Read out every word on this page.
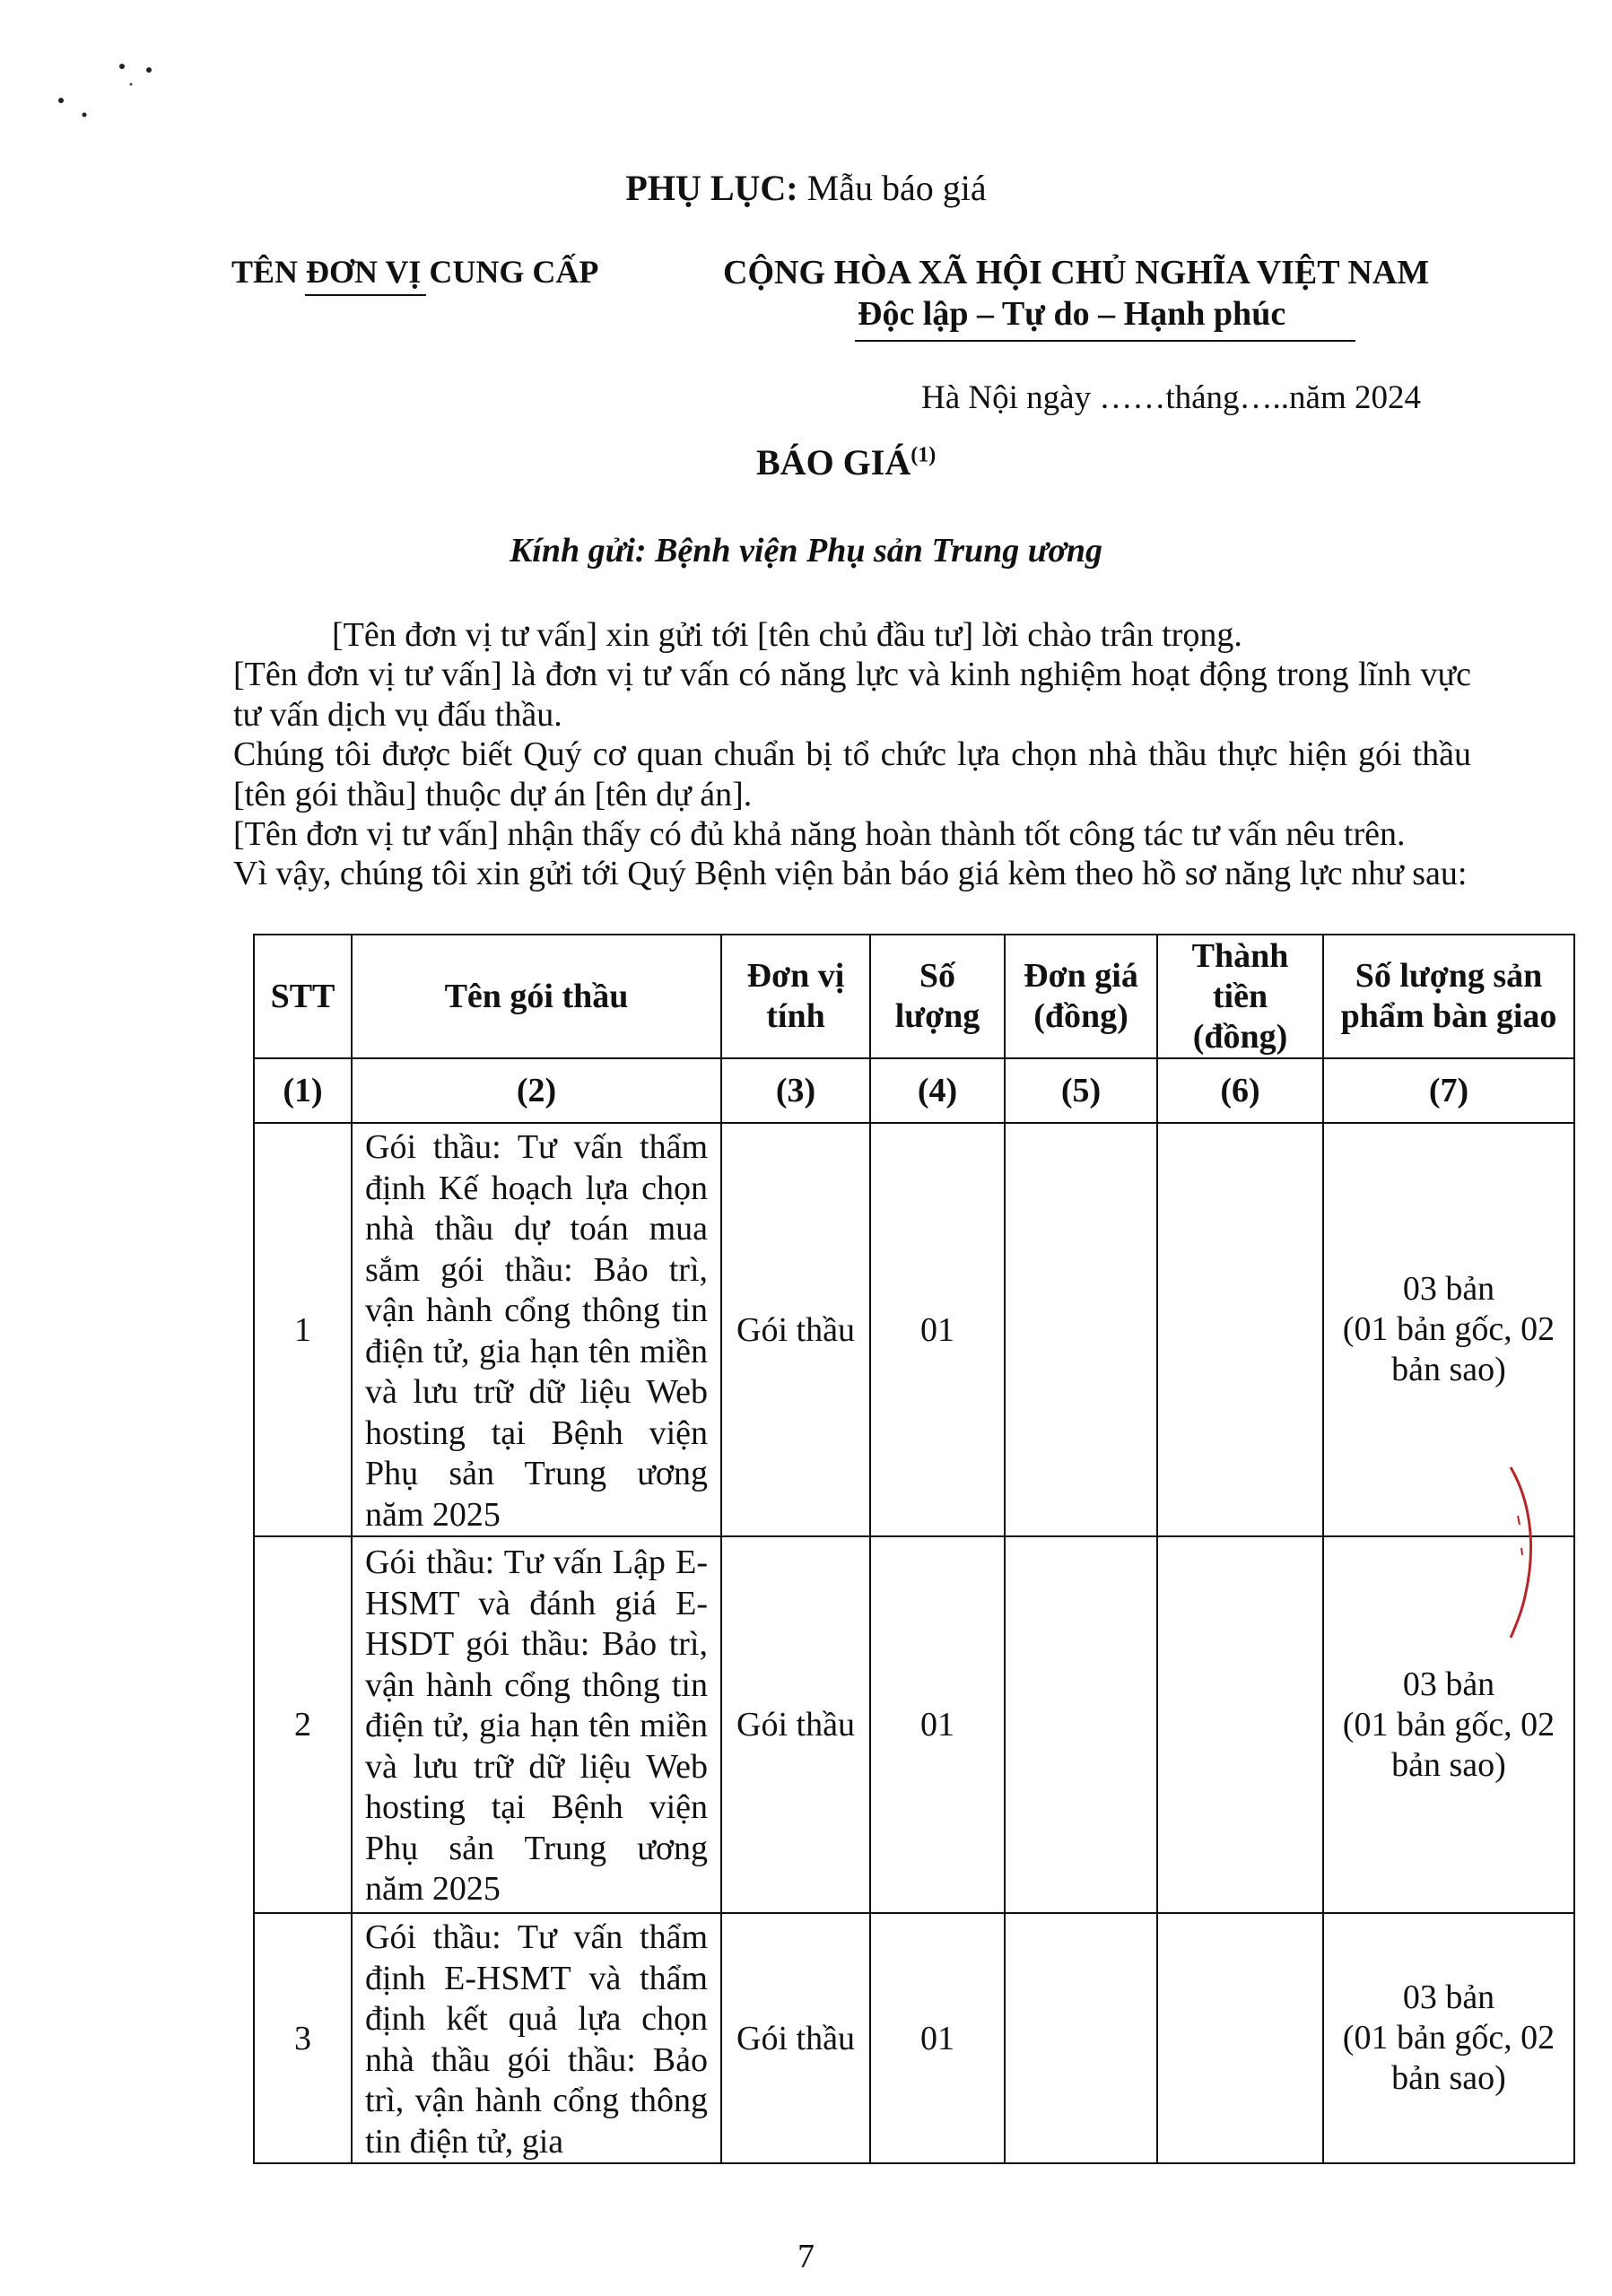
PHỤ LỤC: Mẫu báo giá
TÊN ĐƠN VỊ CUNG CẤP	CỘNG HÒA XÃ HỘI CHỦ NGHĨA VIỆT NAM
Độc lập – Tự do – Hạnh phúc
Hà Nội ngày ……tháng…..năm 2024
BÁO GIÁ$^{(1)}$
Kính gửi: Bệnh viện Phụ sản Trung ương
[Tên đơn vị tư vấn] xin gửi tới [tên chủ đầu tư] lời chào trân trọng.
[Tên đơn vị tư vấn] là đơn vị tư vấn có năng lực và kinh nghiệm hoạt động trong lĩnh vực tư vấn dịch vụ đấu thầu.
Chúng tôi được biết Quý cơ quan chuẩn bị tổ chức lựa chọn nhà thầu thực hiện gói thầu [tên gói thầu] thuộc dự án [tên dự án].
[Tên đơn vị tư vấn] nhận thấy có đủ khả năng hoàn thành tốt công tác tư vấn nêu trên.
Vì vậy, chúng tôi xin gửi tới Quý Bệnh viện bản báo giá kèm theo hồ sơ năng lực như sau:
STT	Tên gói thầu	Đơn vị tính	Số lượng	Đơn giá (đồng)	Thành tiền (đồng)	Số lượng sản phẩm bàn giao
(1)	(2)	(3)	(4)	(5)	(6)	(7)
1	Gói thầu: Tư vấn thẩm định Kế hoạch lựa chọn nhà thầu dự toán mua sắm gói thầu: Bảo trì, vận hành cổng thông tin điện tử, gia hạn tên miền và lưu trữ dữ liệu Web hosting tại Bệnh viện Phụ sản Trung ương năm 2025	Gói thầu	01			03 bản
(01 bản gốc, 02 bản sao)

2	Gói thầu: Tư vấn Lập E-HSMT và đánh giá E-HSDT gói thầu: Bảo trì, vận hành cổng thông tin điện tử, gia hạn tên miền và lưu trữ dữ liệu Web hosting tại Bệnh viện Phụ sản Trung ương năm 2025	Gói thầu	01			03 bản
(01 bản gốc, 02 bản sao)

3	Gói thầu: Tư vấn thẩm định E-HSMT và thẩm định kết quả lựa chọn nhà thầu gói thầu: Bảo trì, vận hành cổng thông tin điện tử, gia	Gói thầu	01			03 bản
(01 bản gốc, 02 bản sao)
7
